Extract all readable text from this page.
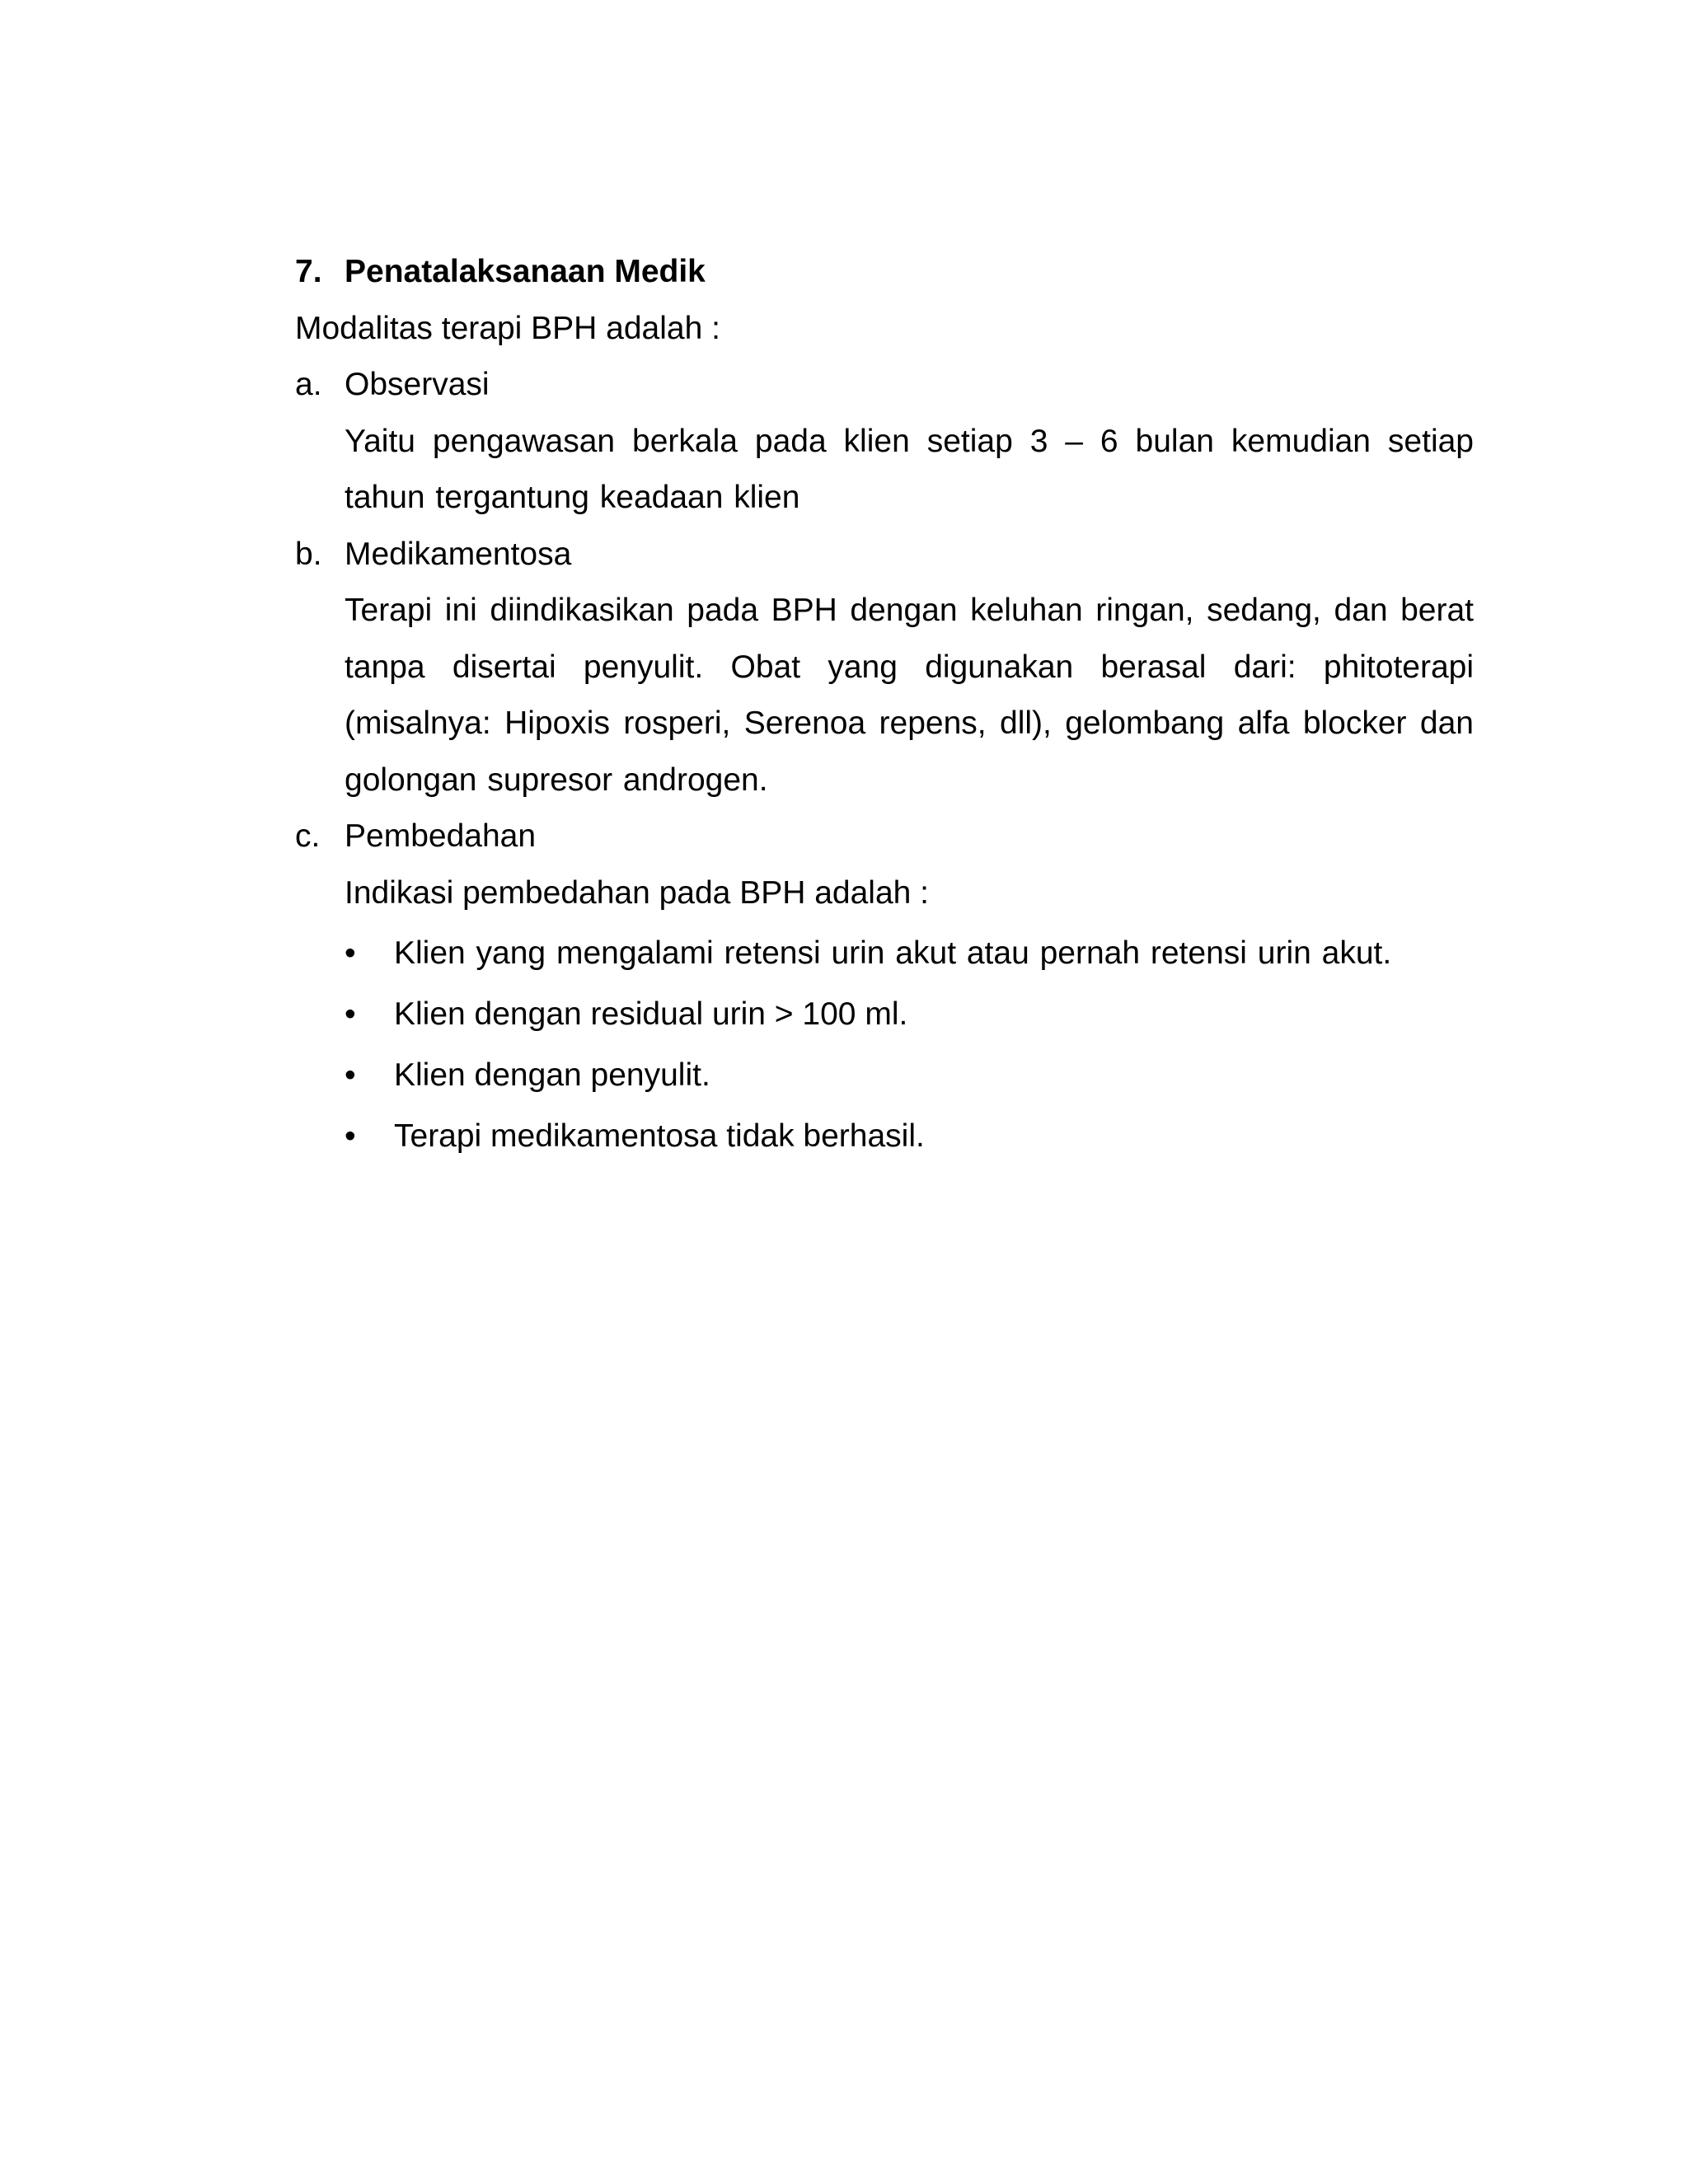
7. Penatalaksanaan Medik
Modalitas terapi BPH adalah :
a. Observasi
Yaitu pengawasan berkala pada klien setiap 3 – 6 bulan kemudian setiap tahun tergantung keadaan klien
b. Medikamentosa
Terapi ini diindikasikan pada BPH dengan keluhan ringan, sedang, dan berat tanpa disertai penyulit. Obat yang digunakan berasal dari: phitoterapi (misalnya: Hipoxis rosperi, Serenoa repens, dll), gelombang alfa blocker dan golongan supresor androgen.
c. Pembedahan
Indikasi pembedahan pada BPH adalah :
• Klien yang mengalami retensi urin akut atau pernah retensi urin akut.
• Klien dengan residual urin > 100 ml.
• Klien dengan penyulit.
• Terapi medikamentosa tidak berhasil.
